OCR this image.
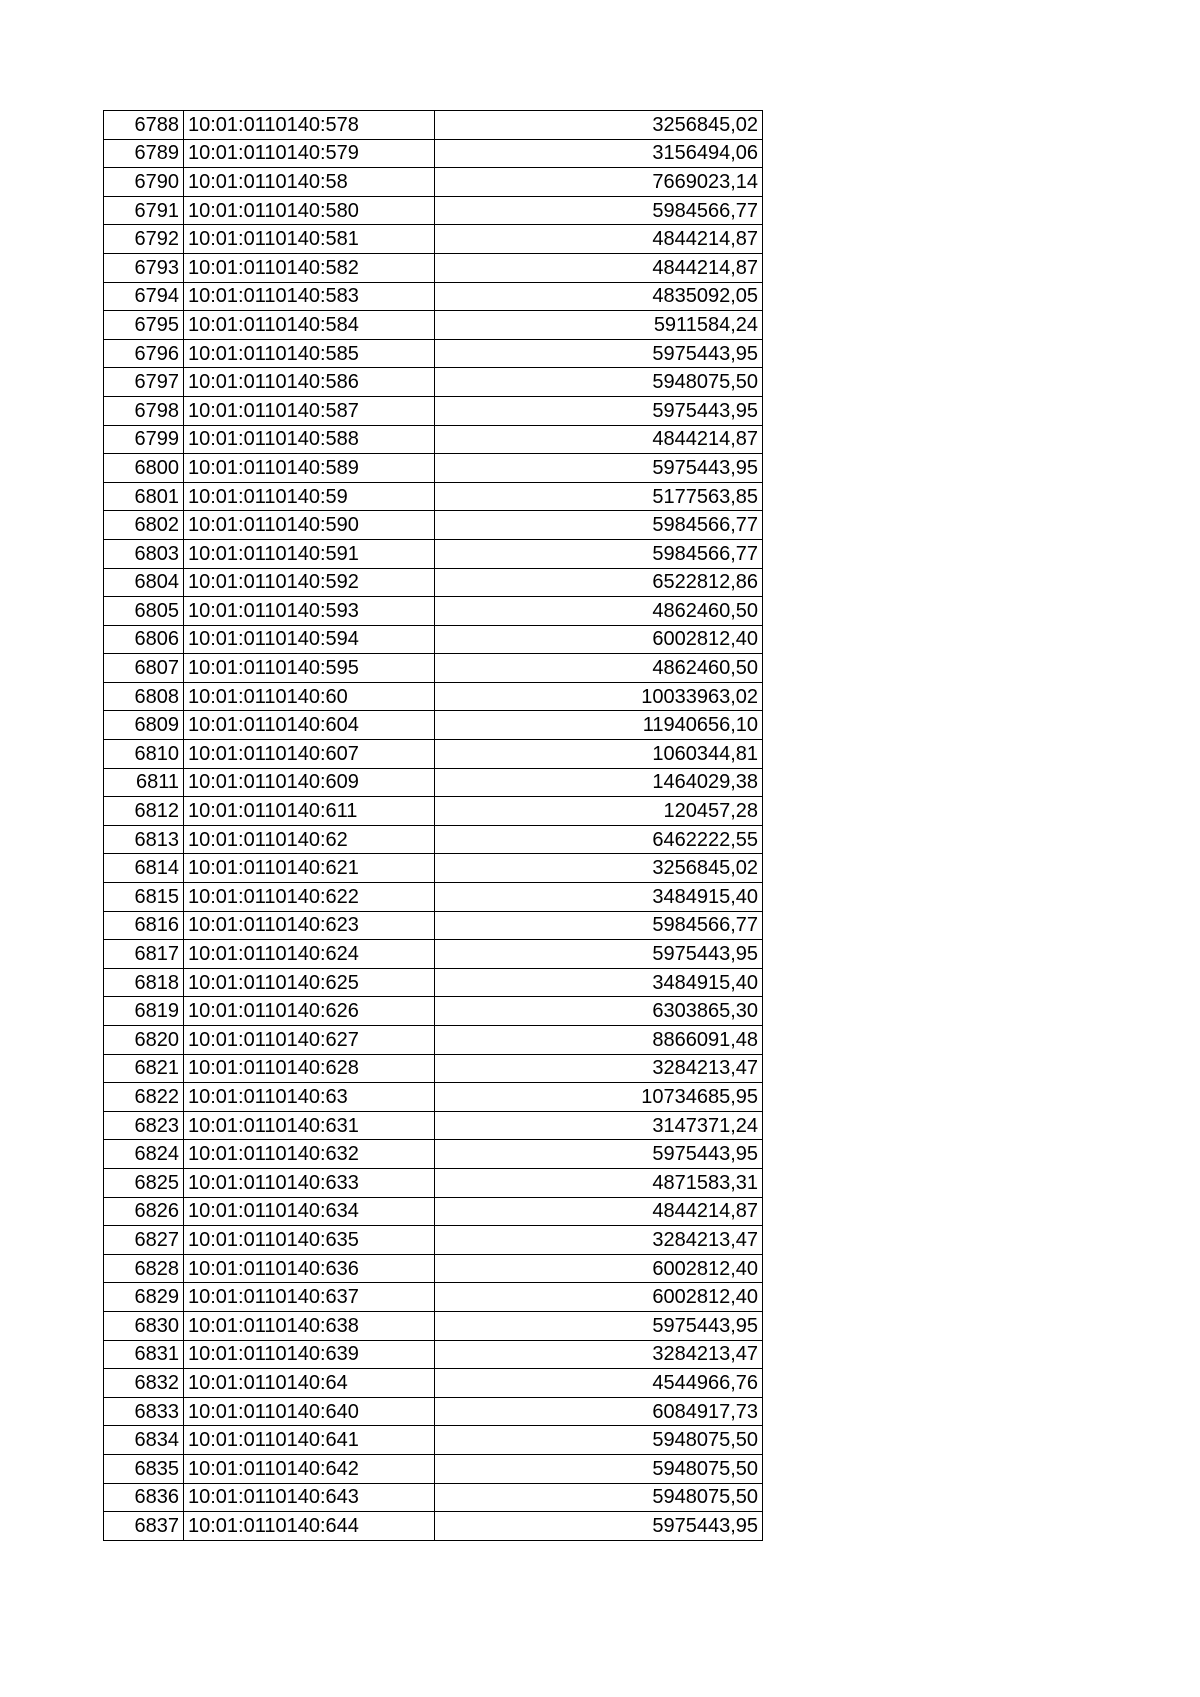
6788	10:01:0110140:578	3256845,02
6789	10:01:0110140:579	3156494,06
6790	10:01:0110140:58	7669023,14
6791	10:01:0110140:580	5984566,77
6792	10:01:0110140:581	4844214,87
6793	10:01:0110140:582	4844214,87
6794	10:01:0110140:583	4835092,05
6795	10:01:0110140:584	5911584,24
6796	10:01:0110140:585	5975443,95
6797	10:01:0110140:586	5948075,50
6798	10:01:0110140:587	5975443,95
6799	10:01:0110140:588	4844214,87
6800	10:01:0110140:589	5975443,95
6801	10:01:0110140:59	5177563,85
6802	10:01:0110140:590	5984566,77
6803	10:01:0110140:591	5984566,77
6804	10:01:0110140:592	6522812,86
6805	10:01:0110140:593	4862460,50
6806	10:01:0110140:594	6002812,40
6807	10:01:0110140:595	4862460,50
6808	10:01:0110140:60	10033963,02
6809	10:01:0110140:604	11940656,10
6810	10:01:0110140:607	1060344,81
6811	10:01:0110140:609	1464029,38
6812	10:01:0110140:611	120457,28
6813	10:01:0110140:62	6462222,55
6814	10:01:0110140:621	3256845,02
6815	10:01:0110140:622	3484915,40
6816	10:01:0110140:623	5984566,77
6817	10:01:0110140:624	5975443,95
6818	10:01:0110140:625	3484915,40
6819	10:01:0110140:626	6303865,30
6820	10:01:0110140:627	8866091,48
6821	10:01:0110140:628	3284213,47
6822	10:01:0110140:63	10734685,95
6823	10:01:0110140:631	3147371,24
6824	10:01:0110140:632	5975443,95
6825	10:01:0110140:633	4871583,31
6826	10:01:0110140:634	4844214,87
6827	10:01:0110140:635	3284213,47
6828	10:01:0110140:636	6002812,40
6829	10:01:0110140:637	6002812,40
6830	10:01:0110140:638	5975443,95
6831	10:01:0110140:639	3284213,47
6832	10:01:0110140:64	4544966,76
6833	10:01:0110140:640	6084917,73
6834	10:01:0110140:641	5948075,50
6835	10:01:0110140:642	5948075,50
6836	10:01:0110140:643	5948075,50
6837	10:01:0110140:644	5975443,95
